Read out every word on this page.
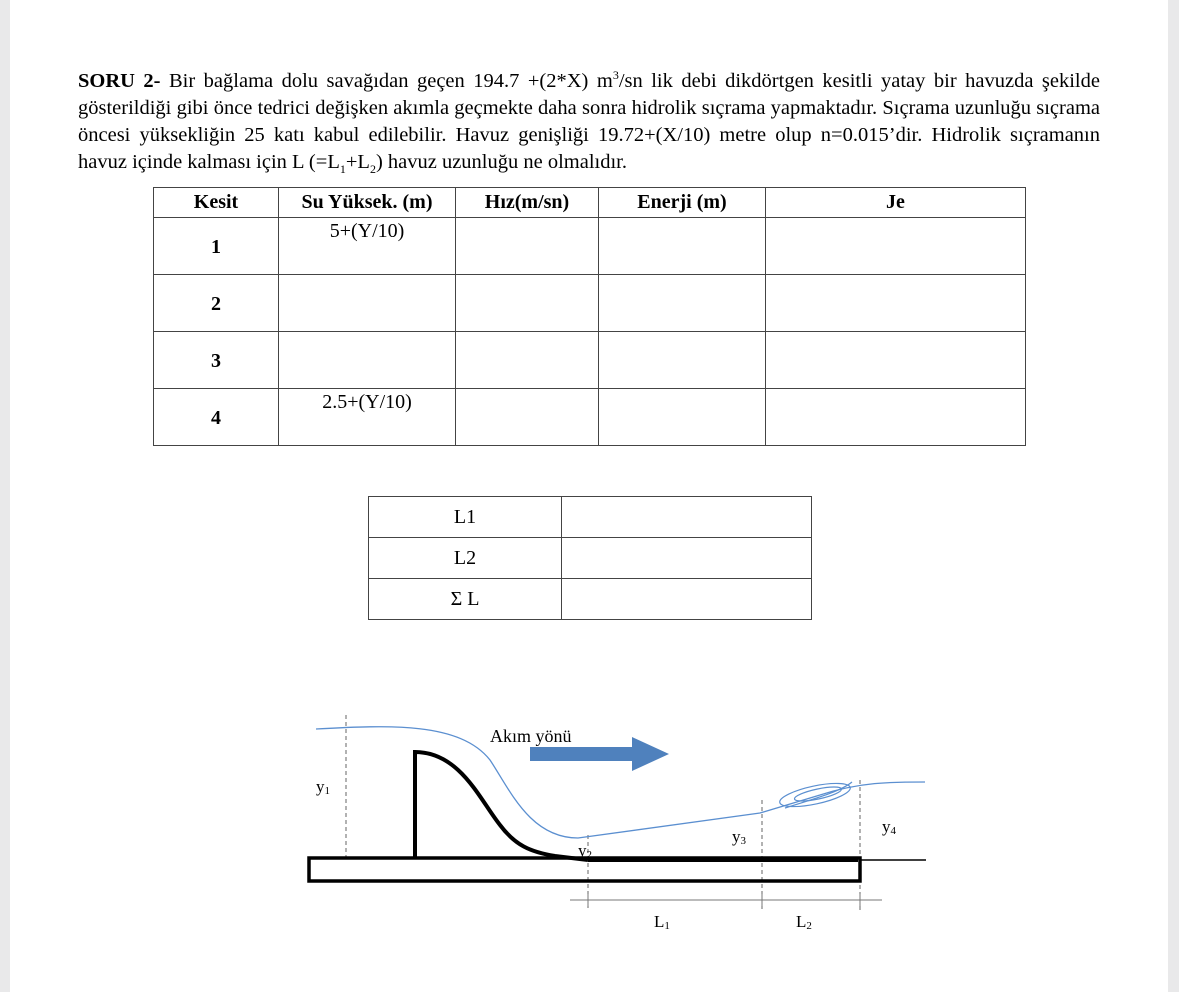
SORU 2- Bir bağlama dolu savağıdan geçen 194.7 +(2*X) $m^3/sn$ lik debi dikdörtgen kesitli yatay bir havuzda şekilde gösterildiği gibi önce tedrici değişken akımla geçmekte daha sonra hidrolik sıçrama yapmaktadır. Sıçrama uzunluğu sıçrama öncesi yüksekliğin 25 katı kabul edilebilir. Havuz genişliği 19.72+(X/10) metre olup n=0.015’dir. Hidrolik sıçramanın havuz içinde kalması için L $(=L_1+L_2)$ havuz uzunluğu ne olmalıdır.
Kesit	Su Yüksek. (m)	Hız(m/sn)	Enerji (m)	Je
1	5+(Y/10)			
2				
3				
4	2.5+(Y/10)			
L1	
L2	
Σ L	
Akım yönü
y1
y2
y3
y4
L1	L2
